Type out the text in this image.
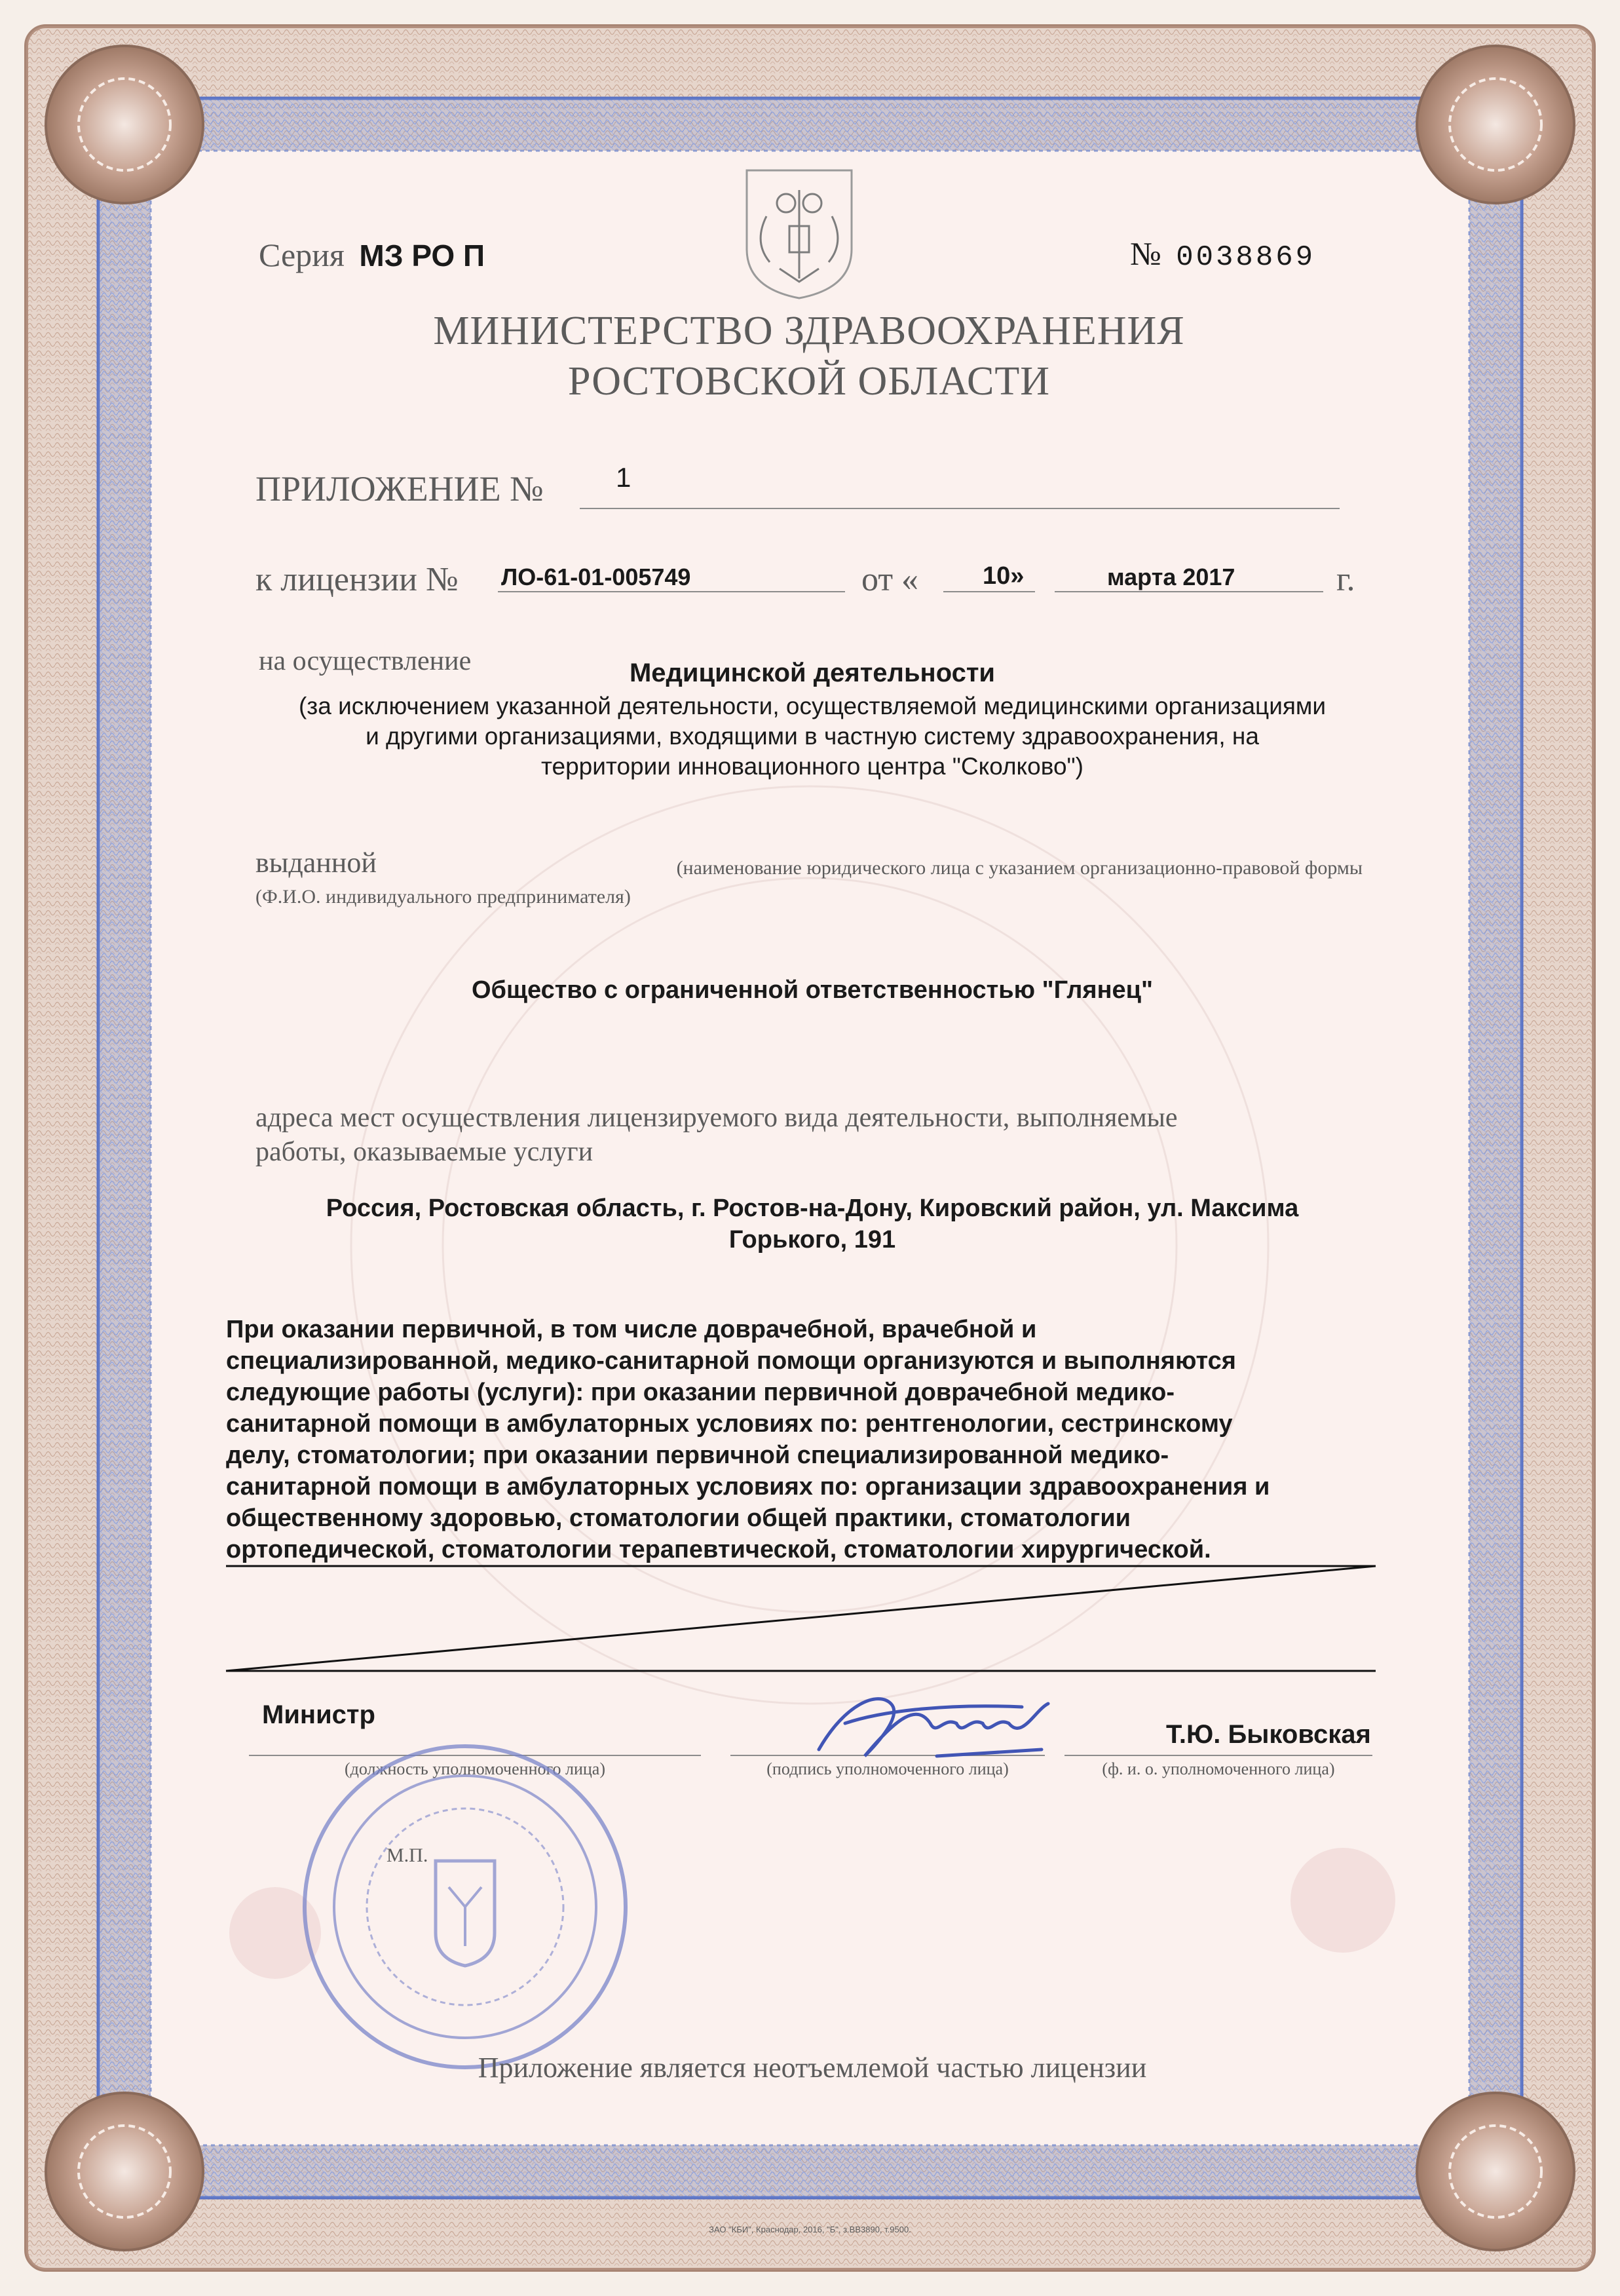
Серия МЗ РО П	№ 0038869
МИНИСТЕРСТВО ЗДРАВООХРАНЕНИЯ
РОСТОВСКОЙ ОБЛАСТИ
ПРИЛОЖЕНИЕ №	1
к лицензии № ЛО-61-01-005749	от «	10»	марта 2017	г.
на осуществление	Медицинской деятельности
(за исключением указанной деятельности, осуществляемой медицинскими организациями
и другими организациями, входящими в частную систему здравоохранения, на
территории инновационного центра "Сколково")
выданной	(наименование юридического лица с указанием организационно-правовой формы
(Ф.И.О. индивидуального предпринимателя)
Общество с ограниченной ответственностью "Глянец"
адреса мест осуществления лицензируемого вида деятельности, выполняемые
работы, оказываемые услуги
Россия, Ростовская область, г. Ростов-на-Дону, Кировский район, ул. Максима
Горького, 191
При оказании первичной, в том числе доврачебной, врачебной и
специализированной, медико-санитарной помощи организуются и выполняются
следующие работы (услуги): при оказании первичной доврачебной медико-
санитарной помощи в амбулаторных условиях по: рентгенологии, сестринскому
делу, стоматологии; при оказании первичной специализированной медико-
санитарной помощи в амбулаторных условиях по: организации здравоохранения и
общественному здоровью, стоматологии общей практики, стоматологии
ортопедической, стоматологии терапевтической, стоматологии хирургической.
Министр
(должность уполномоченного лица)	(подпись уполномоченного лица)
Т.Ю. Быковская
(ф. и. о. уполномоченного лица)
М.П.
Приложение является неотъемлемой частью лицензии
ЗАО "КБИ", Краснодар, 2016, "Б", з.ВВ3890, т.9500.
